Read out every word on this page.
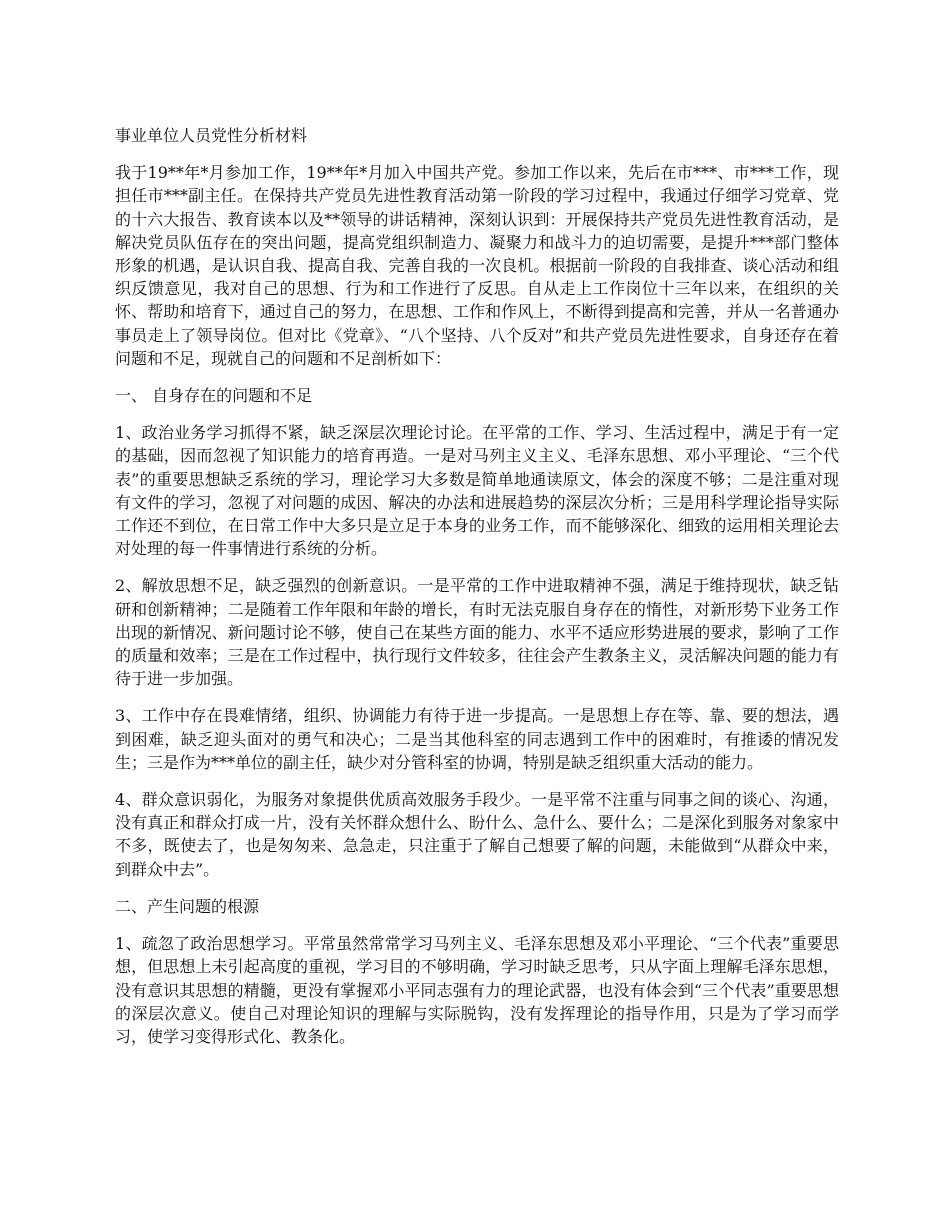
事业单位人员党性分析材料

我于19**年*月参加工作，19**年*月加入中国共产党。参加工作以来，先后在市***、市***工作，现担任市***副主任。在保持共产党员先进性教育活动第一阶段的学习过程中，我通过仔细学习党章、党的十六大报告、教育读本以及**领导的讲话精神，深刻认识到：开展保持共产党员先进性教育活动，是解决党员队伍存在的突出问题，提高党组织制造力、凝聚力和战斗力的迫切需要，是提升***部门整体形象的机遇，是认识自我、提高自我、完善自我的一次良机。根据前一阶段的自我排查、谈心活动和组织反馈意见，我对自己的思想、行为和工作进行了反思。自从走上工作岗位十三年以来，在组织的关怀、帮助和培育下，通过自己的努力，在思想、工作和作风上，不断得到提高和完善，并从一名普通办事员走上了领导岗位。但对比《党章》、“八个坚持、八个反对”和共产党员先进性要求，自身还存在着问题和不足，现就自己的问题和不足剖析如下：

一、 自身存在的问题和不足

1、政治业务学习抓得不紧，缺乏深层次理论讨论。在平常的工作、学习、生活过程中，满足于有一定的基础，因而忽视了知识能力的培育再造。一是对马列主义主义、毛泽东思想、邓小平理论、“三个代表”的重要思想缺乏系统的学习，理论学习大多数是简单地通读原文，体会的深度不够；二是注重对现有文件的学习，忽视了对问题的成因、解决的办法和进展趋势的深层次分析；三是用科学理论指导实际工作还不到位，在日常工作中大多只是立足于本身的业务工作，而不能够深化、细致的运用相关理论去对处理的每一件事情进行系统的分析。

2、解放思想不足，缺乏强烈的创新意识。一是平常的工作中进取精神不强，满足于维持现状，缺乏钻研和创新精神；二是随着工作年限和年龄的增长，有时无法克服自身存在的惰性，对新形势下业务工作出现的新情况、新问题讨论不够，使自己在某些方面的能力、水平不适应形势进展的要求，影响了工作的质量和效率；三是在工作过程中，执行现行文件较多，往往会产生教条主义，灵活解决问题的能力有待于进一步加强。

3、工作中存在畏难情绪，组织、协调能力有待于进一步提高。一是思想上存在等、靠、要的想法，遇到困难，缺乏迎头面对的勇气和决心；二是当其他科室的同志遇到工作中的困难时，有推诿的情况发生；三是作为***单位的副主任，缺少对分管科室的协调，特别是缺乏组织重大活动的能力。

4、群众意识弱化，为服务对象提供优质高效服务手段少。一是平常不注重与同事之间的谈心、沟通，没有真正和群众打成一片，没有关怀群众想什么、盼什么、急什么、要什么；二是深化到服务对象家中不多，既使去了，也是匆匆来、急急走，只注重于了解自己想要了解的问题，未能做到“从群众中来，到群众中去”。

二、产生问题的根源

1、疏忽了政治思想学习。平常虽然常常学习马列主义、毛泽东思想及邓小平理论、“三个代表”重要思想，但思想上未引起高度的重视，学习目的不够明确，学习时缺乏思考，只从字面上理解毛泽东思想，没有意识其思想的精髓，更没有掌握邓小平同志强有力的理论武器，也没有体会到“三个代表”重要思想的深层次意义。使自己对理论知识的理解与实际脱钩，没有发挥理论的指导作用，只是为了学习而学习，使学习变得形式化、教条化。
